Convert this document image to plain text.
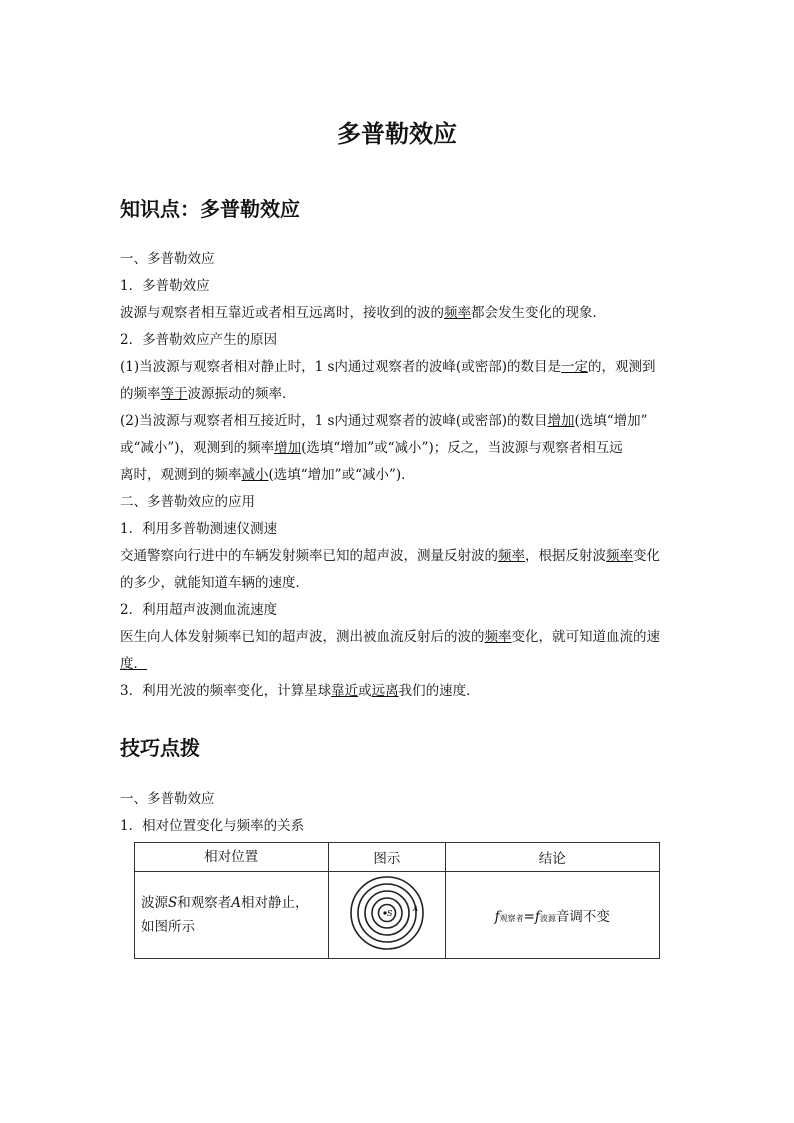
多普勒效应
知识点：多普勒效应
一、多普勒效应
1．多普勒效应
波源与观察者相互靠近或者相互远离时，接收到的波的频率都会发生变化的现象．
2．多普勒效应产生的原因
(1)当波源与观察者相对静止时，1 s内通过观察者的波峰(或密部)的数目是一定的，观测到
的频率等于波源振动的频率．
(2)当波源与观察者相互接近时，1 s内通过观察者的波峰(或密部)的数目增加(选填“增加”
或“减小”)，观测到的频率增加(选填“增加”或“减小”)；反之，当波源与观察者相互远
离时，观测到的频率减小(选填“增加”或“减小”)．
二、多普勒效应的应用
1．利用多普勒测速仪测速
交通警察向行进中的车辆发射频率已知的超声波，测量反射波的频率，根据反射波频率变化
的多少，就能知道车辆的速度．
2．利用超声波测血流速度
医生向人体发射频率已知的超声波，测出被血流反射后的波的频率变化，就可知道血流的速
度．
3．利用光波的频率变化，计算星球靠近或远离我们的速度．
技巧点拨
一、多普勒效应
1．相对位置变化与频率的关系
相对位置	图示	结论
波源S和观察者A相对静止，
如图所示	S A	f观察者=f波源音调不变
